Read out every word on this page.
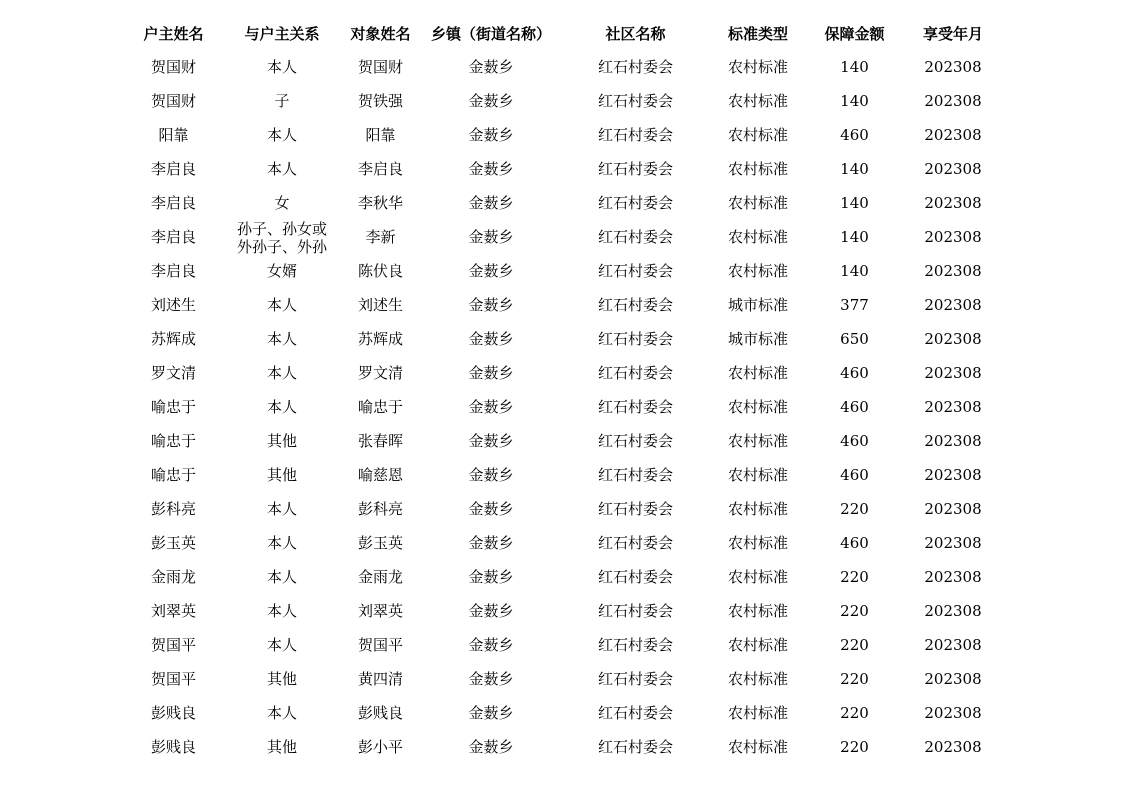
户主姓名	与户主关系	对象姓名	乡镇（街道名称）	社区名称	标准类型	保障金额	享受年月

贺国财	本人	贺国财	金薮乡	红石村委会	农村标准	140	202308

贺国财	子	贺铁强	金薮乡	红石村委会	农村标准	140	202308

阳靠	本人	阳靠	金薮乡	红石村委会	农村标准	460	202308

李启良	本人	李启良	金薮乡	红石村委会	农村标准	140	202308

李启良	女	李秋华	金薮乡	红石村委会	农村标准	140	202308

李启良	孙子、孙女或外孙子、外孙	李新	金薮乡	红石村委会	农村标准	140	202308

李启良	女婿	陈伏良	金薮乡	红石村委会	农村标准	140	202308

刘述生	本人	刘述生	金薮乡	红石村委会	城市标准	377	202308

苏辉成	本人	苏辉成	金薮乡	红石村委会	城市标准	650	202308

罗文清	本人	罗文清	金薮乡	红石村委会	农村标准	460	202308

喻忠于	本人	喻忠于	金薮乡	红石村委会	农村标准	460	202308

喻忠于	其他	张春晖	金薮乡	红石村委会	农村标准	460	202308

喻忠于	其他	喻慈恩	金薮乡	红石村委会	农村标准	460	202308

彭科亮	本人	彭科亮	金薮乡	红石村委会	农村标准	220	202308

彭玉英	本人	彭玉英	金薮乡	红石村委会	农村标准	460	202308

金雨龙	本人	金雨龙	金薮乡	红石村委会	农村标准	220	202308

刘翠英	本人	刘翠英	金薮乡	红石村委会	农村标准	220	202308

贺国平	本人	贺国平	金薮乡	红石村委会	农村标准	220	202308

贺国平	其他	黄四清	金薮乡	红石村委会	农村标准	220	202308

彭贱良	本人	彭贱良	金薮乡	红石村委会	农村标准	220	202308

彭贱良	其他	彭小平	金薮乡	红石村委会	农村标准	220	202308
